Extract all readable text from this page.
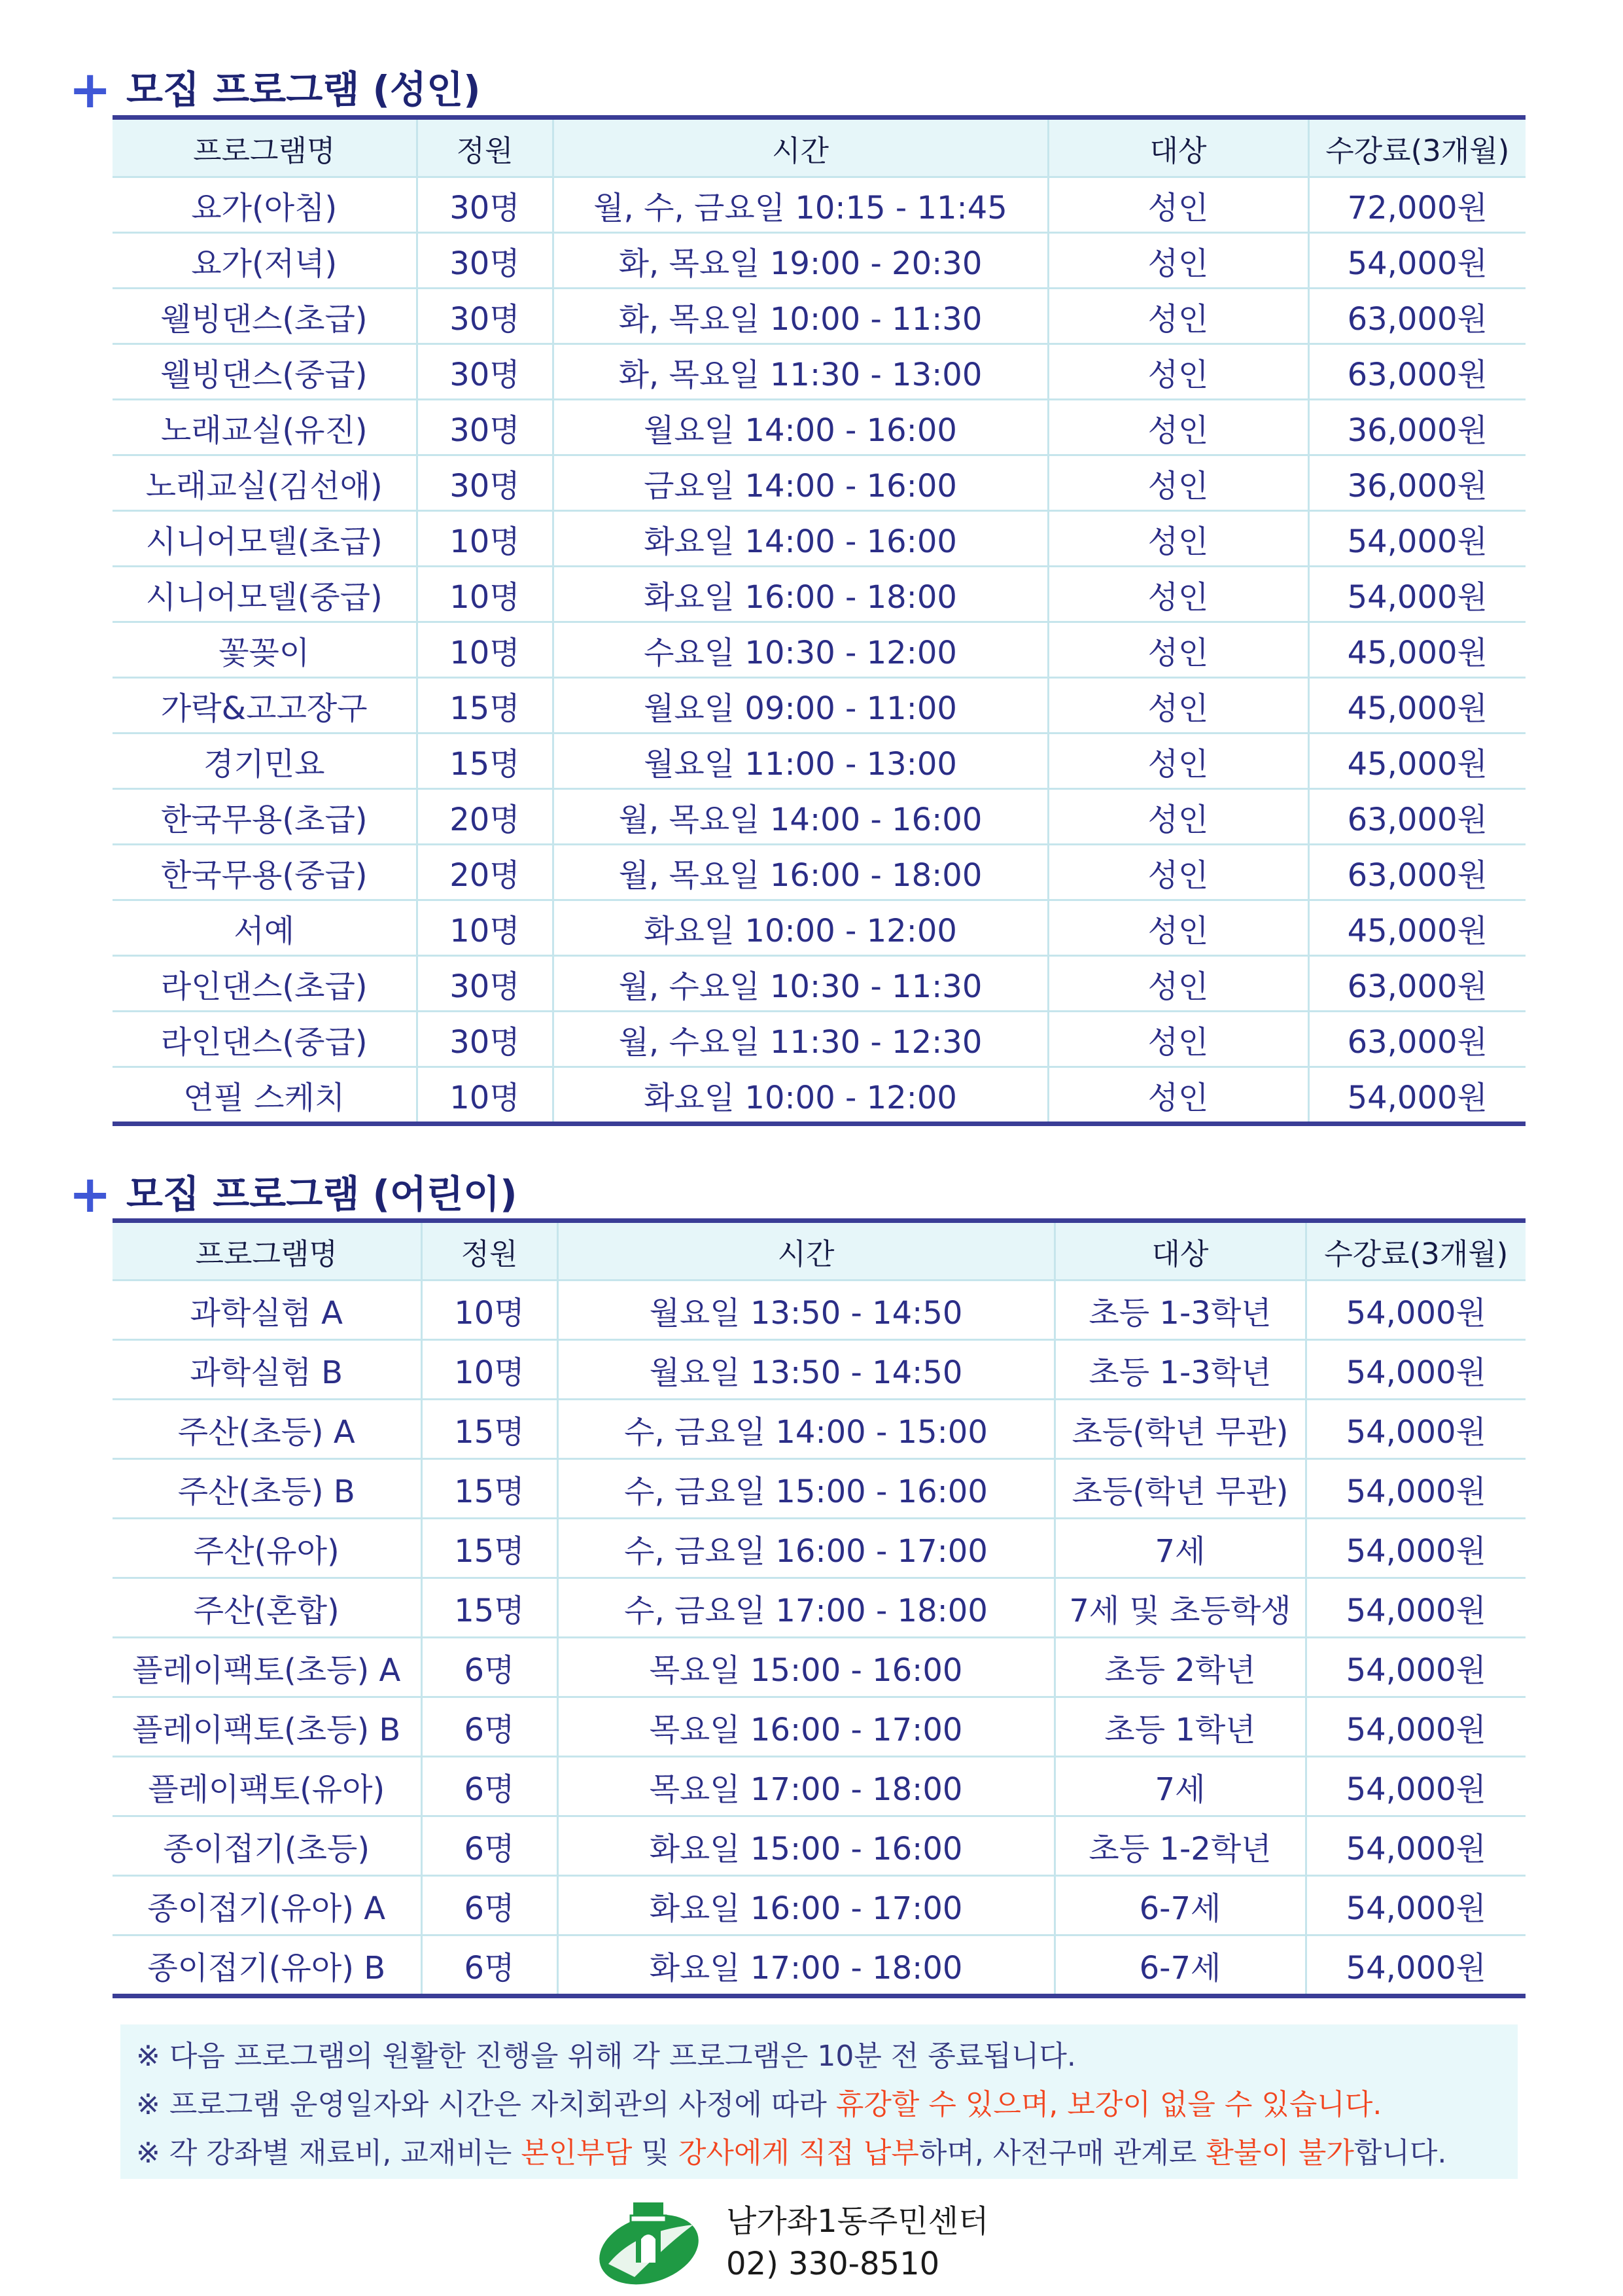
+ 모집 프로그램 (성인)
프로그램명	정원	시간	대상	수강료(3개월)
요가(아침)	30명	월, 수, 금요일 10:15 - 11:45	성인	72,000원
요가(저녁)	30명	화, 목요일 19:00 - 20:30	성인	54,000원
웰빙댄스(초급)	30명	화, 목요일 10:00 - 11:30	성인	63,000원
웰빙댄스(중급)	30명	화, 목요일 11:30 - 13:00	성인	63,000원
노래교실(유진)	30명	월요일 14:00 - 16:00	성인	36,000원
노래교실(김선애)	30명	금요일 14:00 - 16:00	성인	36,000원
시니어모델(초급)	10명	화요일 14:00 - 16:00	성인	54,000원
시니어모델(중급)	10명	화요일 16:00 - 18:00	성인	54,000원
꽃꽂이	10명	수요일 10:30 - 12:00	성인	45,000원
가락&고고장구	15명	월요일 09:00 - 11:00	성인	45,000원
경기민요	15명	월요일 11:00 - 13:00	성인	45,000원
한국무용(초급)	20명	월, 목요일 14:00 - 16:00	성인	63,000원
한국무용(중급)	20명	월, 목요일 16:00 - 18:00	성인	63,000원
서예	10명	화요일 10:00 - 12:00	성인	45,000원
라인댄스(초급)	30명	월, 수요일 10:30 - 11:30	성인	63,000원
라인댄스(중급)	30명	월, 수요일 11:30 - 12:30	성인	63,000원
연필 스케치	10명	화요일 10:00 - 12:00	성인	54,000원
+ 모집 프로그램 (어린이)
프로그램명	정원	시간	대상	수강료(3개월)
과학실험 A	10명	월요일 13:50 - 14:50	초등 1-3학년	54,000원
과학실험 B	10명	월요일 13:50 - 14:50	초등 1-3학년	54,000원
주산(초등) A	15명	수, 금요일 14:00 - 15:00	초등(학년 무관)	54,000원
주산(초등) B	15명	수, 금요일 15:00 - 16:00	초등(학년 무관)	54,000원
주산(유아)	15명	수, 금요일 16:00 - 17:00	7세	54,000원
주산(혼합)	15명	수, 금요일 17:00 - 18:00	7세 및 초등학생	54,000원
플레이팩토(초등) A	6명	목요일 15:00 - 16:00	초등 2학년	54,000원
플레이팩토(초등) B	6명	목요일 16:00 - 17:00	초등 1학년	54,000원
플레이팩토(유아)	6명	목요일 17:00 - 18:00	7세	54,000원
종이접기(초등)	6명	화요일 15:00 - 16:00	초등 1-2학년	54,000원
종이접기(유아) A	6명	화요일 16:00 - 17:00	6-7세	54,000원
종이접기(유아) B	6명	화요일 17:00 - 18:00	6-7세	54,000원
※ 다음 프로그램의 원활한 진행을 위해 각 프로그램은 10분 전 종료됩니다.
※ 프로그램 운영일자와 시간은 자치회관의 사정에 따라 휴강할 수 있으며, 보강이 없을 수 있습니다.
※ 각 강좌별 재료비, 교재비는 본인부담 및 강사에게 직접 납부하며, 사전구매 관계로 환불이 불가합니다.
남가좌1동주민센터
02) 330-8510
